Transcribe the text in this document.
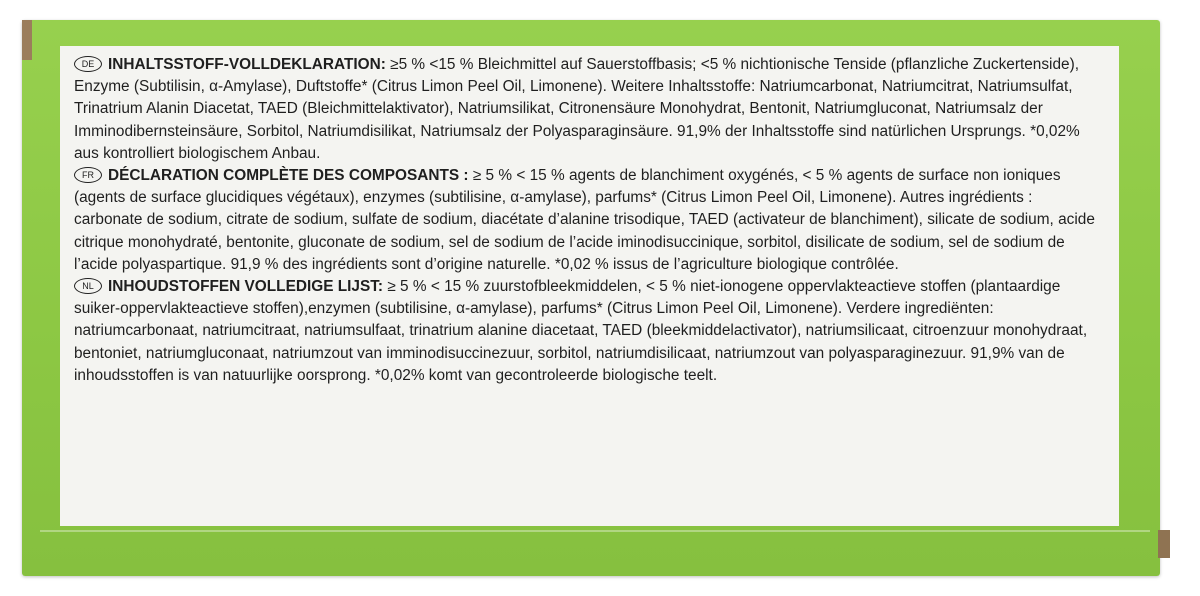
DE INHALTSSTOFF-VOLLDEKLARATION: ≥5 % <15 % Bleichmittel auf Sauerstoffbasis; <5 % nichtionische Tenside (pflanzliche Zuckertenside), Enzyme (Subtilisin, α-Amylase), Duftstoffe* (Citrus Limon Peel Oil, Limonene). Weitere Inhaltsstoffe: Natriumcarbonat, Natriumcitrat, Natriumsulfat, Trinatrium Alanin Diacetat, TAED (Bleichmittelaktivator), Natriumsilikat, Citronensäure Monohydrat, Bentonit, Natriumgluconat, Natriumsalz der Imminodibernsteinsäure, Sorbitol, Natriumdisilikat, Natriumsalz der Polyasparaginsäure. 91,9% der Inhaltsstoffe sind natürlichen Ursprungs. *0,02% aus kontrolliert biologischem Anbau.

FR DÉCLARATION COMPLÈTE DES COMPOSANTS : ≥ 5 % < 15 % agents de blanchiment oxygénés, < 5 % agents de surface non ioniques (agents de surface glucidiques végétaux), enzymes (subtilisine, α-amylase), parfums* (Citrus Limon Peel Oil, Limonene). Autres ingrédients : carbonate de sodium, citrate de sodium, sulfate de sodium, diacétate d’alanine trisodique, TAED (activateur de blanchiment), silicate de sodium, acide citrique monohydraté, bentonite, gluconate de sodium, sel de sodium de l’acide iminodisuccinique, sorbitol, disilicate de sodium, sel de sodium de l’acide polyaspartique. 91,9 % des ingrédients sont d’origine naturelle. *0,02 % issus de l’agriculture biologique contrôlée.

NL INHOUDSTOFFEN VOLLEDIGE LIJST: ≥ 5 % < 15 % zuurstofbleekmiddelen, < 5 % niet-ionogene oppervlakteactieve stoffen (plantaardige suiker-oppervlakteactieve stoffen),enzymen (subtilisine, α-amylase), parfums* (Citrus Limon Peel Oil, Limonene). Verdere ingrediënten: natriumcarbonaat, natriumcitraat, natriumsulfaat, trinatrium alanine diacetaat, TAED (bleekmiddelactivator), natriumsilicaat, citroenzuur monohydraat, bentoniet, natriumgluconaat, natriumzout van imminodisuccinezuur, sorbitol, natriumdisilicaat, natriumzout van polyasparaginezuur. 91,9% van de inhoudsstoffen is van natuurlijke oorsprong. *0,02% komt van gecontroleerde biologische teelt.
